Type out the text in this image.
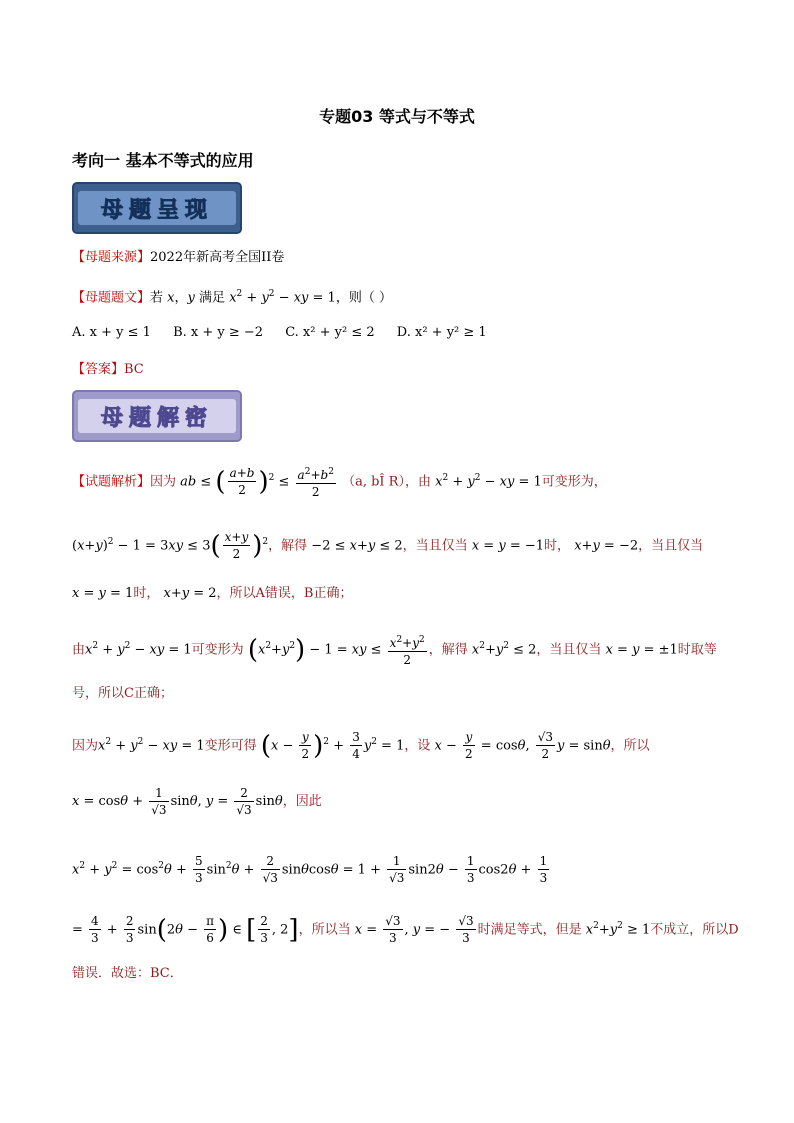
专题03 等式与不等式
考向一 基本不等式的应用
母题呈现
【母题来源】2022年新高考全国II卷
【母题题文】若 x，y 满足 $x^2 + y^2$ − xy = 1，则（ ）
A. x + y ≤ 1 B. x + y ≥ −2 C. x² + y² ≤ 2 D. x² + y² ≥ 1
【答案】BC
母题解密
【试题解析】因为 ab ≤ ( $\frac{a+b}{2} )^2 \le \frac{a^2+b^2}{2} (a$, bÎ R），由 $x^2 + y^2$ − xy = 1可变形为，
$(x+y)^2 - 1 = 3xy \le 3( \frac{x+y}{2} )^2$，解得 −2 ≤ x+y ≤ 2，当且仅当 x = y = −1时， x+y = −2，当且仅当
x = y = 1时， x+y = 2，所以A错误，B正确；
由$x^2 + y^2$ − xy = 1可变形为 $(x^2+y^2) - 1$ = xy ≤ $\frac{x^2+y^2}{2}$ ，解得 $x^2+y^2 \le 2$，当且仅当 x = y = ±1时取等
号，所以C正确；
因为$x^2 + y^2$ − xy = 1变形可得 $(x - \frac{y}{2} )^2 + \frac{3}{4} y^2 = 1$，设 $x - \frac{y}{2} = \cos\theta$, $\frac{√3}{2}$ y = sinθ，所以
$x = \cos\theta + \frac{1}{√3} \sin\theta$, $y = \frac{2}{√3}$ sinθ，因此
$x^2 + y^2 = \cos^2\theta + \frac{5}{3} \sin^2\theta + \frac{2}{√3}$ $\sin\theta\cos\theta = 1 + \frac{1}{√3} \sin 2\theta - \frac{1}{3} \cos 2\theta + \frac{1}{3}$
= $\frac{4}{3} + \frac{2}{3} \sin(2\theta - \frac{\pi}{6}$ ) ∈ [ $\frac{2}{3}$ , 2]，所以当 $x = \frac{√3}{3}$ , y = − $\frac{√3}{3}$ 时满足等式，但是 $x^2+y^2 \ge 1$不成立，所以D
错误．故选：BC．
